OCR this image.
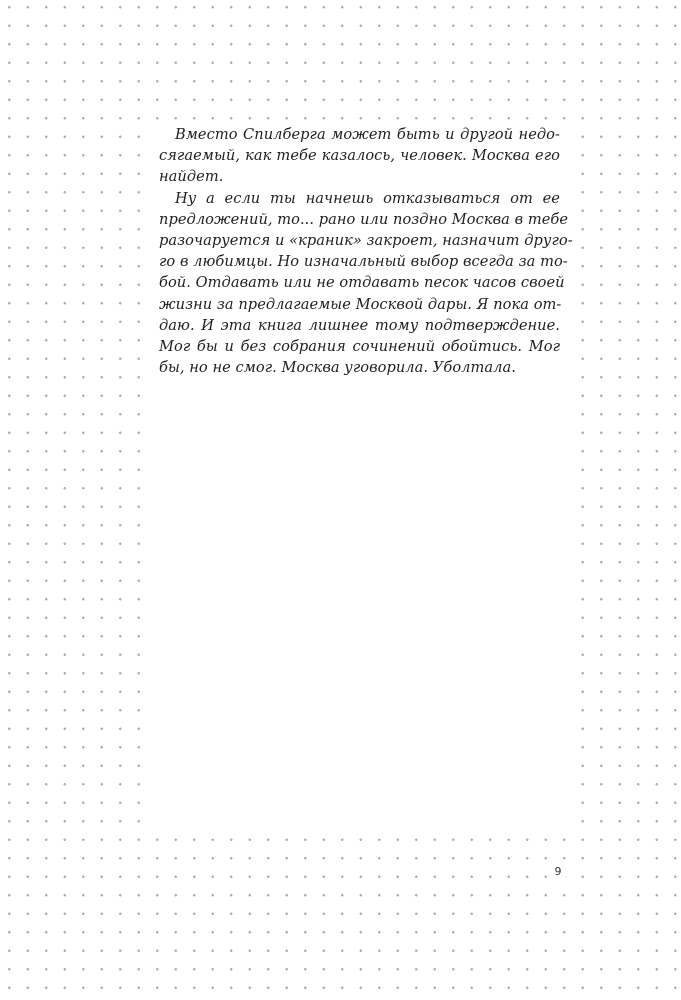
Вместо Спилберга может быть и другой недо-
сягаемый, как тебе казалось, человек. Москва его
найдет.
Ну а если ты начнешь отказываться от ее
предложений, то... рано или поздно Москва в тебе
разочаруется и «краник» закроет, назначит друго-
го в любимцы. Но изначальный выбор всегда за то-
бой. Отдавать или не отдавать песок часов своей
жизни за предлагаемые Москвой дары. Я пока от-
даю. И эта книга лишнее тому подтверждение.
Мог бы и без собрания сочинений обойтись. Мог
бы, но не смог. Москва уговорила. Уболтала.
9
